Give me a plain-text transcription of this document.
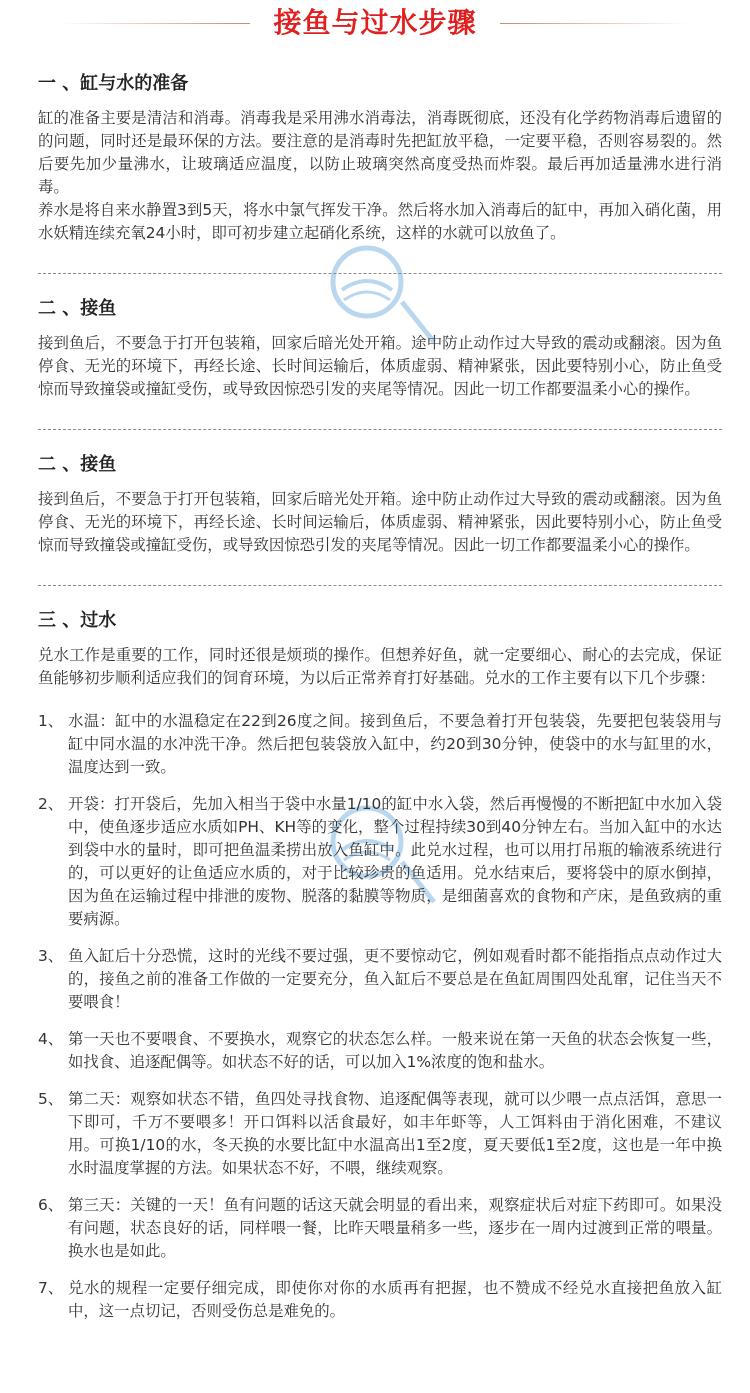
接鱼与过水步骤
一 、缸与水的准备

缸的准备主要是清洁和消毒。消毒我是采用沸水消毒法，消毒既彻底，还没有化学药物消毒后遗留的的问题，同时还是最环保的方法。要注意的是消毒时先把缸放平稳，一定要平稳，否则容易裂的。然后要先加少量沸水，让玻璃适应温度，以防止玻璃突然高度受热而炸裂。最后再加适量沸水进行消毒。

养水是将自来水静置3到5天，将水中氯气挥发干净。然后将水加入消毒后的缸中，再加入硝化菌，用水妖精连续充氧24小时，即可初步建立起硝化系统，这样的水就可以放鱼了。

二 、接鱼

接到鱼后，不要急于打开包装箱，回家后暗光处开箱。途中防止动作过大导致的震动或翻滚。因为鱼停食、无光的环境下，再经长途、长时间运输后，体质虚弱、精神紧张，因此要特别小心，防止鱼受惊而导致撞袋或撞缸受伤，或导致因惊恐引发的夹尾等情况。因此一切工作都要温柔小心的操作。

二 、接鱼

接到鱼后，不要急于打开包装箱，回家后暗光处开箱。途中防止动作过大导致的震动或翻滚。因为鱼停食、无光的环境下，再经长途、长时间运输后，体质虚弱、精神紧张，因此要特别小心，防止鱼受惊而导致撞袋或撞缸受伤，或导致因惊恐引发的夹尾等情况。因此一切工作都要温柔小心的操作。

三 、过水

兑水工作是重要的工作，同时还很是烦琐的操作。但想养好鱼，就一定要细心、耐心的去完成，保证鱼能够初步顺利适应我们的饲育环境，为以后正常养育打好基础。兑水的工作主要有以下几个步骤：

1、 水温：缸中的水温稳定在22到26度之间。接到鱼后，不要急着打开包装袋，先要把包装袋用与缸中同水温的水冲洗干净。然后把包装袋放入缸中，约20到30分钟，使袋中的水与缸里的水，温度达到一致。
2、 开袋：打开袋后，先加入相当于袋中水量1/10的缸中水入袋，然后再慢慢的不断把缸中水加入袋中，使鱼逐步适应水质如PH、KH等的变化，整个过程持续30到40分钟左右。当加入缸中的水达到袋中水的量时，即可把鱼温柔捞出放入鱼缸中。此兑水过程，也可以用打吊瓶的输液系统进行的，可以更好的让鱼适应水质的，对于比较珍贵的鱼适用。兑水结束后，要将袋中的原水倒掉，因为鱼在运输过程中排泄的废物、脱落的黏膜等物质，是细菌喜欢的食物和产床，是鱼致病的重要病源。
3、 鱼入缸后十分恐慌，这时的光线不要过强，更不要惊动它，例如观看时都不能指指点点动作过大的，接鱼之前的准备工作做的一定要充分，鱼入缸后不要总是在鱼缸周围四处乱窜，记住当天不要喂食！
4、 第一天也不要喂食、不要换水，观察它的状态怎么样。一般来说在第一天鱼的状态会恢复一些，如找食、追逐配偶等。如状态不好的话，可以加入1%浓度的饱和盐水。
5、 第二天：观察如状态不错，鱼四处寻找食物、追逐配偶等表现，就可以少喂一点点活饵，意思一下即可，千万不要喂多！开口饵料以活食最好，如丰年虾等，人工饵料由于消化困难，不建议用。可换1/10的水，冬天换的水要比缸中水温高出1至2度，夏天要低1至2度，这也是一年中换水时温度掌握的方法。如果状态不好，不喂，继续观察。
6、 第三天：关键的一天！鱼有问题的话这天就会明显的看出来，观察症状后对症下药即可。如果没有问题，状态良好的话，同样喂一餐，比昨天喂量稍多一些，逐步在一周内过渡到正常的喂量。换水也是如此。
7、 兑水的规程一定要仔细完成，即使你对你的水质再有把握，也不赞成不经兑水直接把鱼放入缸中，这一点切记，否则受伤总是难免的。
